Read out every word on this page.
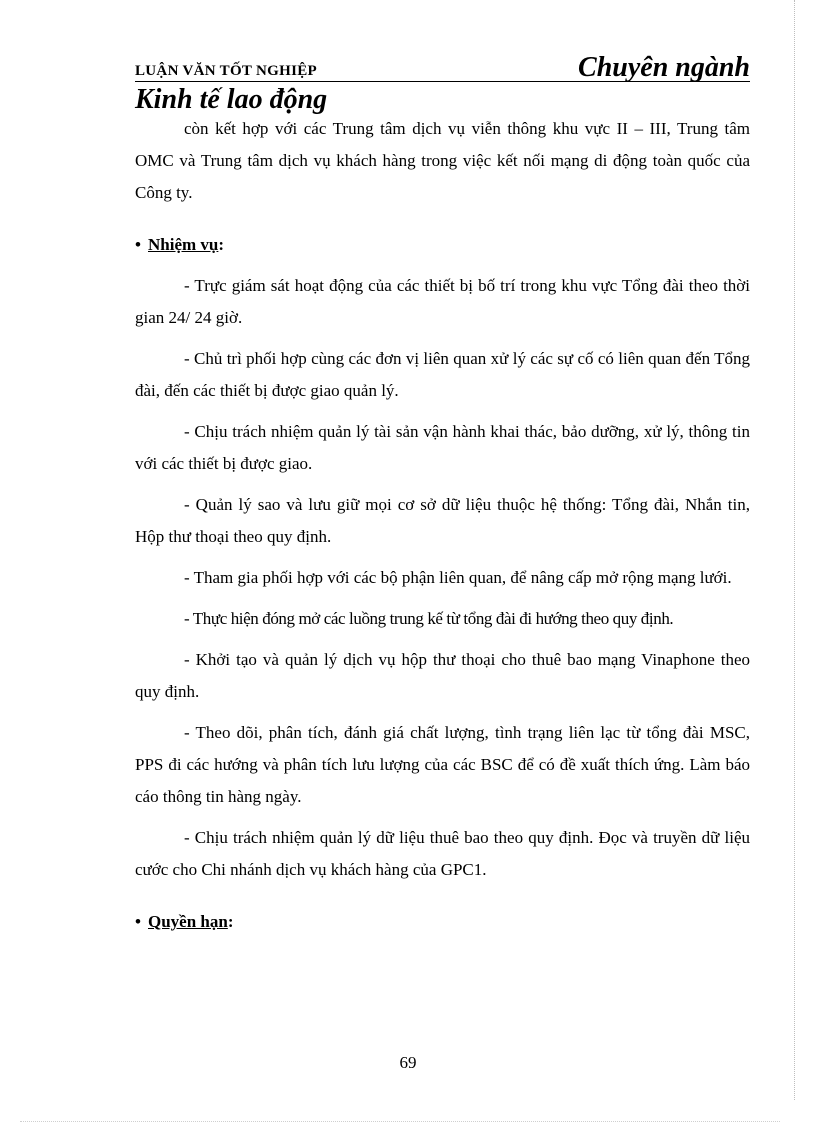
LUẬN VĂN TỐT NGHIỆP	Chuyên ngành
Kinh tế lao động

còn kết hợp với các Trung tâm dịch vụ viễn thông khu vực II – III, Trung tâm OMC và Trung tâm dịch vụ khách hàng trong việc kết nối mạng di động toàn quốc của Công ty.

• Nhiệm vụ:

- Trực giám sát hoạt động của các thiết bị bố trí trong khu vực Tổng đài theo thời gian 24/ 24 giờ.

- Chủ trì phối hợp cùng các đơn vị liên quan xử lý các sự cố có liên quan đến Tổng đài, đến các thiết bị được giao quản lý.

- Chịu trách nhiệm quản lý tài sản vận hành khai thác, bảo dưỡng, xử lý, thông tin với các thiết bị được giao.

- Quản lý sao và lưu giữ mọi cơ sở dữ liệu thuộc hệ thống: Tổng đài, Nhắn tin, Hộp thư thoại theo quy định.

- Tham gia phối hợp với các bộ phận liên quan, để nâng cấp mở rộng mạng lưới.

- Thực hiện đóng mở các luồng trung kế từ tổng đài đi hướng theo quy định.

- Khởi tạo và quản lý dịch vụ hộp thư thoại cho thuê bao mạng Vinaphone theo quy định.

- Theo dõi, phân tích, đánh giá chất lượng, tình trạng liên lạc từ tổng đài MSC, PPS đi các hướng và phân tích lưu lượng của các BSC để có đề xuất thích ứng. Làm báo cáo thông tin hàng ngày.

- Chịu trách nhiệm quản lý dữ liệu thuê bao theo quy định. Đọc và truyền dữ liệu cước cho Chi nhánh dịch vụ khách hàng của GPC1.

• Quyền hạn:

69
